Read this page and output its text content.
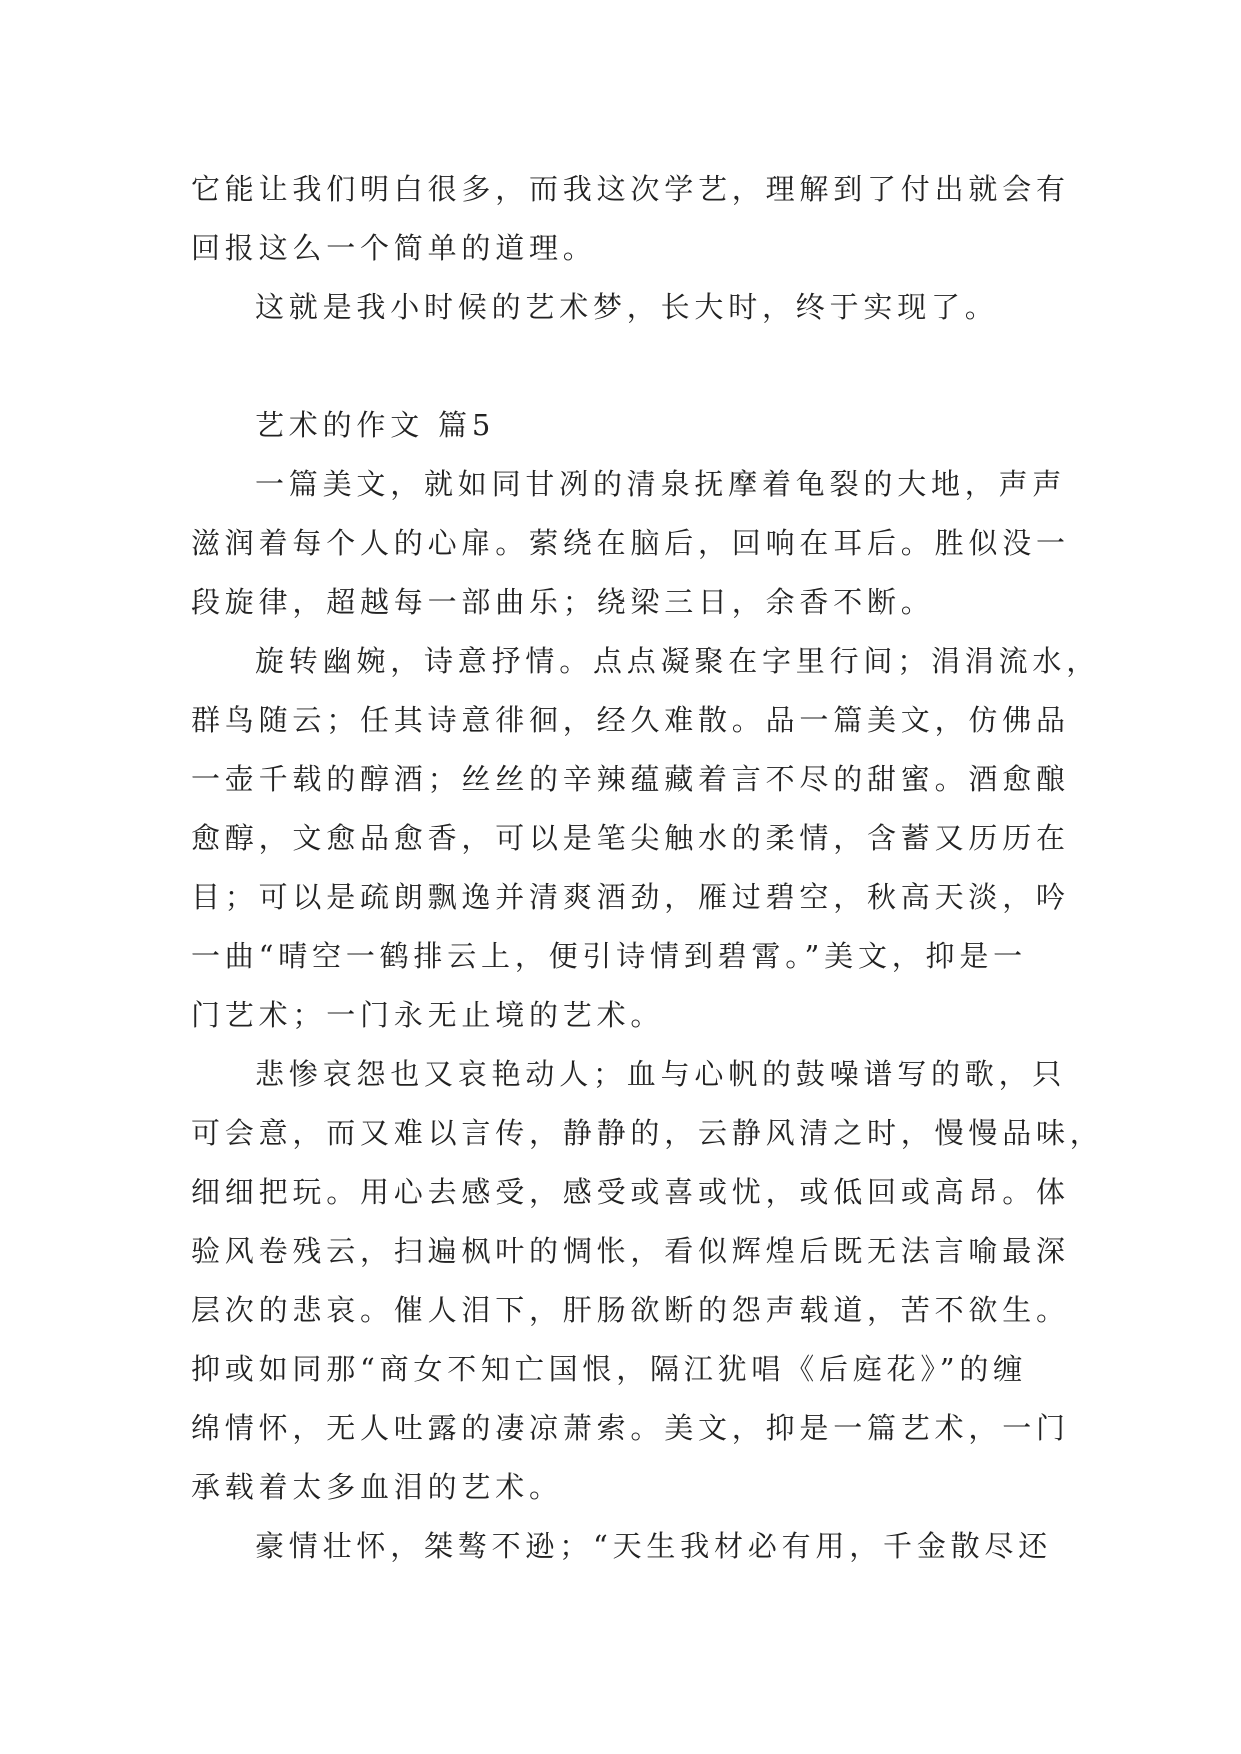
它能让我们明白很多，而我这次学艺，理解到了付出就会有
回报这么一个简单的道理。
这就是我小时候的艺术梦，长大时，终于实现了。
艺术的作文 篇5
一篇美文，就如同甘冽的清泉抚摩着龟裂的大地，声声
滋润着每个人的心扉。萦绕在脑后，回响在耳后。胜似没一
段旋律，超越每一部曲乐；绕梁三日，余香不断。
旋转幽婉，诗意抒情。点点凝聚在字里行间；涓涓流水，
群鸟随云；任其诗意徘徊，经久难散。品一篇美文，仿佛品
一壶千载的醇酒；丝丝的辛辣蕴藏着言不尽的甜蜜。酒愈酿
愈醇，文愈品愈香，可以是笔尖触水的柔情，含蓄又历历在
目；可以是疏朗飘逸并清爽酒劲，雁过碧空，秋高天淡，吟
一曲“晴空一鹤排云上，便引诗情到碧霄。”美文，抑是一
门艺术；一门永无止境的艺术。
悲惨哀怨也又哀艳动人；血与心帆的鼓噪谱写的歌，只
可会意，而又难以言传，静静的，云静风清之时，慢慢品味，
细细把玩。用心去感受，感受或喜或忧，或低回或高昂。体
验风卷残云，扫遍枫叶的惆怅，看似辉煌后既无法言喻最深
层次的悲哀。催人泪下，肝肠欲断的怨声载道，苦不欲生。
抑或如同那“商女不知亡国恨，隔江犹唱《后庭花》”的缠
绵情怀，无人吐露的凄凉萧索。美文，抑是一篇艺术，一门
承载着太多血泪的艺术。
豪情壮怀，桀骜不逊；“天生我材必有用，千金散尽还
